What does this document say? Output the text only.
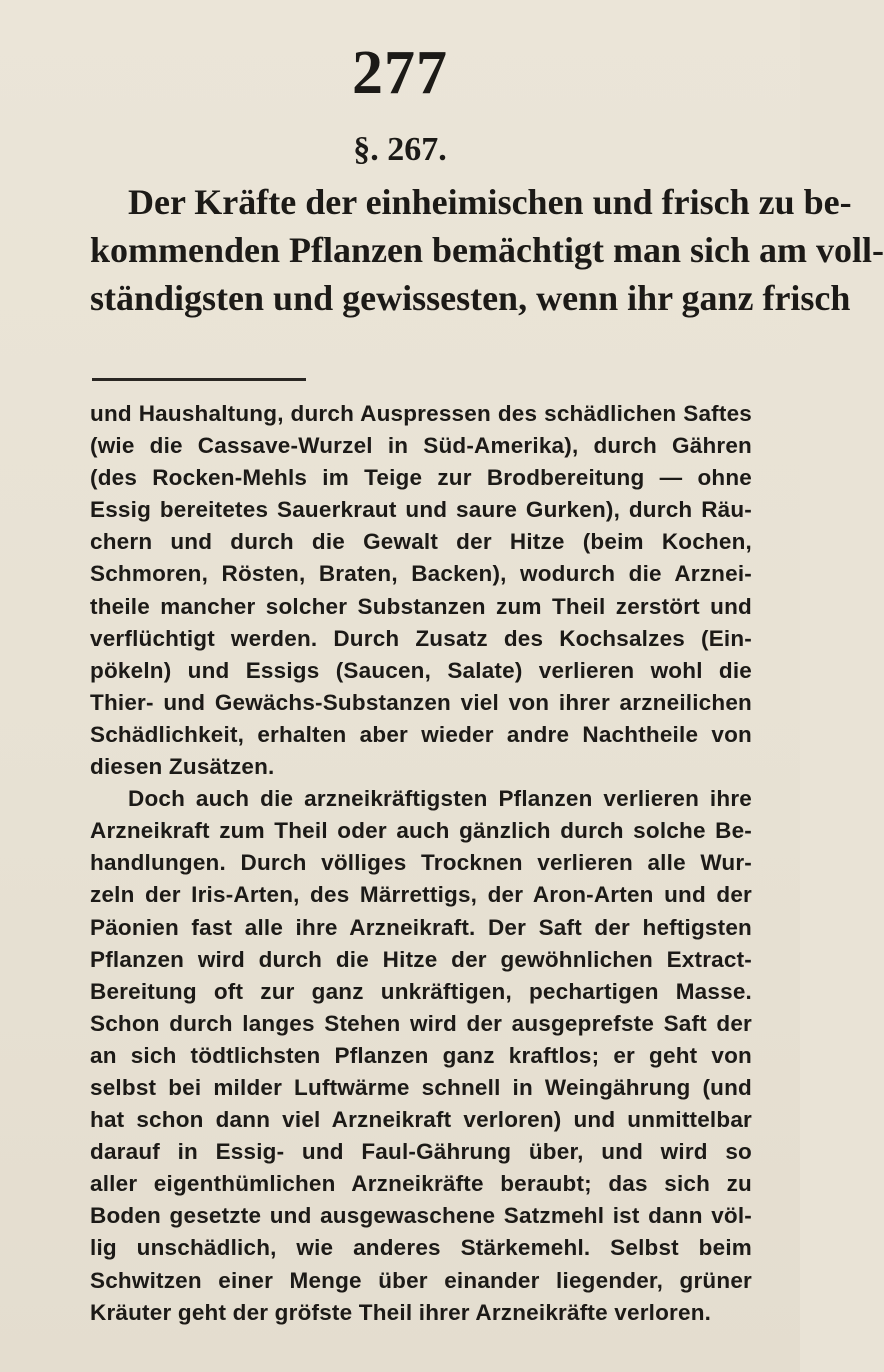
277
§. 267.
Der Kräfte der einheimischen und frisch zu be-
kommenden Pflanzen bemächtigt man sich am voll-
ständigsten und gewissesten, wenn ihr ganz frisch
und Haushaltung, durch Auspressen des schädlichen Saftes
(wie die Cassave-Wurzel in Süd-Amerika), durch Gähren
(des Rocken-Mehls im Teige zur Brodbereitung — ohne
Essig bereitetes Sauerkraut und saure Gurken), durch Räu-
chern und durch die Gewalt der Hitze (beim Kochen,
Schmoren, Rösten, Braten, Backen), wodurch die Arznei-
theile mancher solcher Substanzen zum Theil zerstört und
verflüchtigt werden. Durch Zusatz des Kochsalzes (Ein-
pökeln) und Essigs (Saucen, Salate) verlieren wohl die
Thier- und Gewächs-Substanzen viel von ihrer arzneilichen
Schädlichkeit, erhalten aber wieder andre Nachtheile von
diesen Zusätzen.
Doch auch die arzneikräftigsten Pflanzen verlieren ihre
Arzneikraft zum Theil oder auch gänzlich durch solche Be-
handlungen. Durch völliges Trocknen verlieren alle Wur-
zeln der Iris-Arten, des Märrettigs, der Aron-Arten und der
Päonien fast alle ihre Arzneikraft. Der Saft der heftigsten
Pflanzen wird durch die Hitze der gewöhnlichen Extract-
Bereitung oft zur ganz unkräftigen, pechartigen Masse.
Schon durch langes Stehen wird der ausgeprefste Saft der
an sich tödtlichsten Pflanzen ganz kraftlos; er geht von
selbst bei milder Luftwärme schnell in Weingährung (und
hat schon dann viel Arzneikraft verloren) und unmittelbar
darauf in Essig- und Faul-Gährung über, und wird so
aller eigenthümlichen Arzneikräfte beraubt; das sich zu
Boden gesetzte und ausgewaschene Satzmehl ist dann völ-
lig unschädlich, wie anderes Stärkemehl. Selbst beim
Schwitzen einer Menge über einander liegender, grüner
Kräuter geht der gröfste Theil ihrer Arzneikräfte verloren.
